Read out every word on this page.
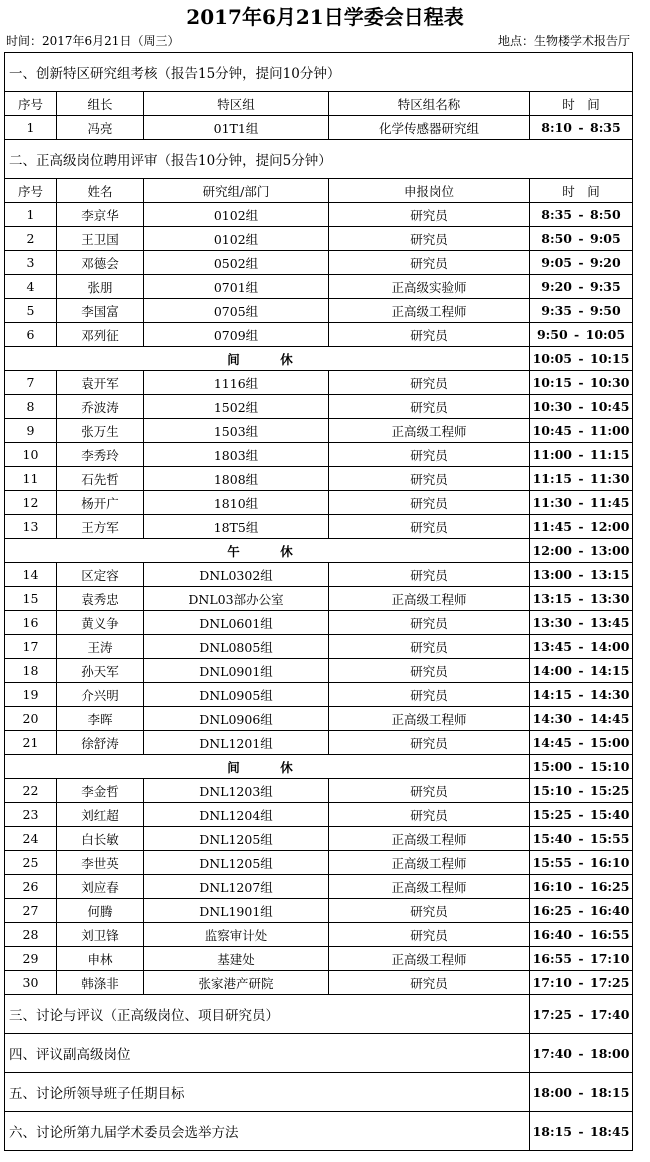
2017年6月21日学委会日程表
时间：2017年6月21日（周三）	地点：生物楼学术报告厅
一、创新特区研究组考核（报告15分钟，提问10分钟）				
序号	组长	特区组	特区组名称	时　间
1	冯亮	01T1组	化学传感器研究组	8:10 - 8:35
二、正高级岗位聘用评审（报告10分钟，提问5分钟）				
序号	姓名	研究组/部门	申报岗位	时　间
1	李京华	0102组	研究员	8:35 - 8:50
2	王卫国	0102组	研究员	8:50 - 9:05
3	邓德会	0502组	研究员	9:05 - 9:20
4	张朋	0701组	正高级实验师	9:20 - 9:35
5	李国富	0705组	正高级工程师	9:35 - 9:50
6	邓列征	0709组	研究员	9:50 - 10:05
间　休				10:05 - 10:15
7	袁开军	1116组	研究员	10:15 - 10:30
8	乔波涛	1502组	研究员	10:30 - 10:45
9	张万生	1503组	正高级工程师	10:45 - 11:00
10	李秀玲	1803组	研究员	11:00 - 11:15
11	石先哲	1808组	研究员	11:15 - 11:30
12	杨开广	1810组	研究员	11:30 - 11:45
13	王方军	18T5组	研究员	11:45 - 12:00
午　休				12:00 - 13:00
14	区定容	DNL0302组	研究员	13:00 - 13:15
15	袁秀忠	DNL03部办公室	正高级工程师	13:15 - 13:30
16	黄义争	DNL0601组	研究员	13:30 - 13:45
17	王涛	DNL0805组	研究员	13:45 - 14:00
18	孙天军	DNL0901组	研究员	14:00 - 14:15
19	介兴明	DNL0905组	研究员	14:15 - 14:30
20	李晖	DNL0906组	正高级工程师	14:30 - 14:45
21	徐舒涛	DNL1201组	研究员	14:45 - 15:00
间　休				15:00 - 15:10
22	李金哲	DNL1203组	研究员	15:10 - 15:25
23	刘红超	DNL1204组	研究员	15:25 - 15:40
24	白长敏	DNL1205组	正高级工程师	15:40 - 15:55
25	李世英	DNL1205组	正高级工程师	15:55 - 16:10
26	刘应春	DNL1207组	正高级工程师	16:10 - 16:25
27	何腾	DNL1901组	研究员	16:25 - 16:40
28	刘卫锋	监察审计处	研究员	16:40 - 16:55
29	申林	基建处	正高级工程师	16:55 - 17:10
30	韩涤非	张家港产研院	研究员	17:10 - 17:25
三、讨论与评议（正高级岗位、项目研究员）				17:25 - 17:40
四、评议副高级岗位				17:40 - 18:00
五、讨论所领导班子任期目标				18:00 - 18:15
六、讨论所第九届学术委员会选举方法				18:15 - 18:45
